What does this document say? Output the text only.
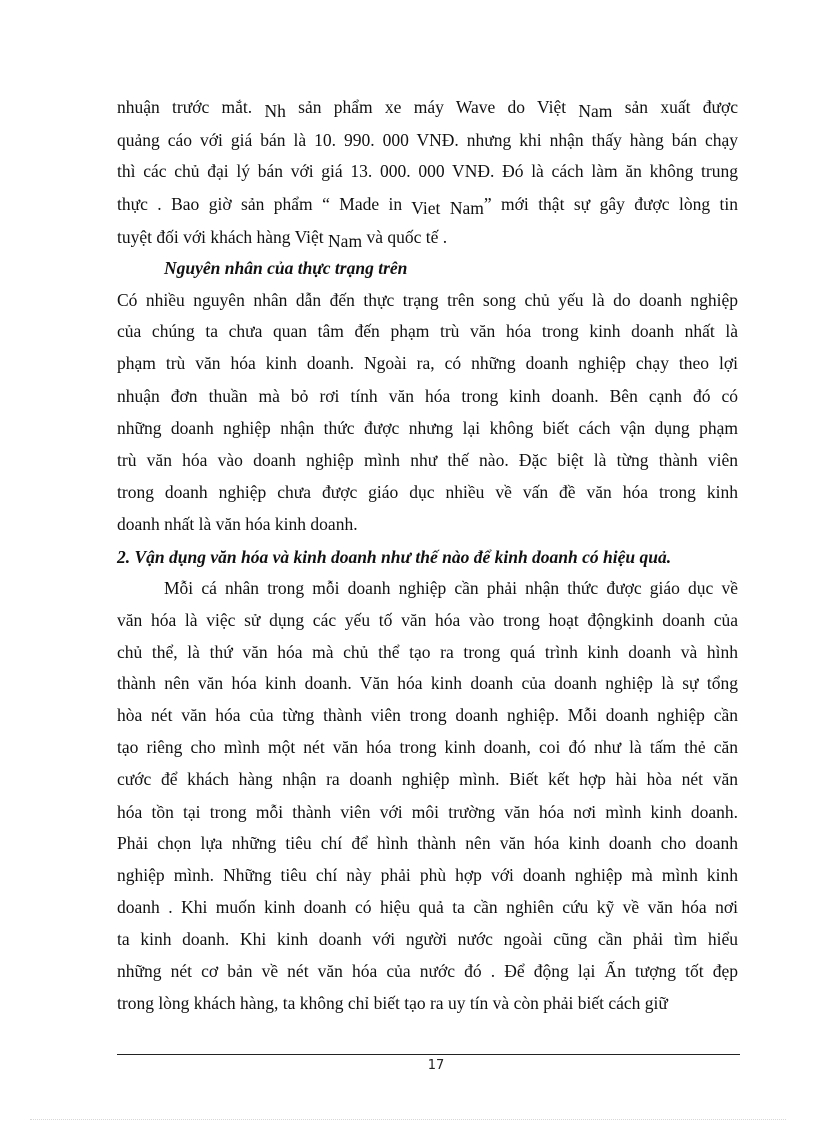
nhuận trước mắt. Nh sản phẩm xe máy Wave do Việt Nam sản xuất được
quảng cáo với giá bán là 10. 990. 000 VNĐ. nhưng khi nhận thấy hàng bán chạy
thì các chủ đại lý bán với giá 13. 000. 000 VNĐ. Đó là cách làm ăn không trung
thực . Bao giờ sản phẩm “ Made in Viet Nam” mới thật sự gây được lòng tin
tuyệt đối với khách hàng Việt Nam và quốc tế .
Nguyên nhân của thực trạng trên
Có nhiều nguyên nhân dẫn đến thực trạng trên song chủ yếu là do doanh nghiệp
của chúng ta chưa quan tâm đến phạm trù văn hóa trong kinh doanh nhất là
phạm trù văn hóa kinh doanh. Ngoài ra, có những doanh nghiệp chạy theo lợi
nhuận đơn thuần mà bỏ rơi tính văn hóa trong kinh doanh. Bên cạnh đó có
những doanh nghiệp nhận thức được nhưng lại không biết cách vận dụng phạm
trù văn hóa vào doanh nghiệp mình như thế nào. Đặc biệt là từng thành viên
trong doanh nghiệp chưa được giáo dục nhiều về vấn đề văn hóa trong kinh
doanh nhất là văn hóa kinh doanh.
2. Vận dụng văn hóa và kinh doanh như thế nào để kinh doanh có hiệu quả.
Mỗi cá nhân trong mỗi doanh nghiệp cần phải nhận thức được giáo dục về
văn hóa là việc sử dụng các yếu tố văn hóa vào trong hoạt độngkinh doanh của
chủ thể, là thứ văn hóa mà chủ thể tạo ra trong quá trình kinh doanh và hình
thành nên văn hóa kinh doanh. Văn hóa kinh doanh của doanh nghiệp là sự tổng
hòa nét văn hóa của từng thành viên trong doanh nghiệp. Mỗi doanh nghiệp cần
tạo riêng cho mình một nét văn hóa trong kinh doanh, coi đó như là tấm thẻ căn
cước để khách hàng nhận ra doanh nghiệp mình. Biết kết hợp hài hòa nét văn
hóa tồn tại trong mỗi thành viên với môi trường văn hóa nơi mình kinh doanh.
Phải chọn lựa những tiêu chí để hình thành nên văn hóa kinh doanh cho doanh
nghiệp mình. Những tiêu chí này phải phù hợp với doanh nghiệp mà mình kinh
doanh . Khi muốn kinh doanh có hiệu quả ta cần nghiên cứu kỹ về văn hóa nơi
ta kinh doanh. Khi kinh doanh với người nước ngoài cũng cần phải tìm hiểu
những nét cơ bản về nét văn hóa của nước đó . Để động lại Ấn tượng tốt đẹp
trong lòng khách hàng, ta không chỉ biết tạo ra uy tín và còn phải biết cách giữ
17
